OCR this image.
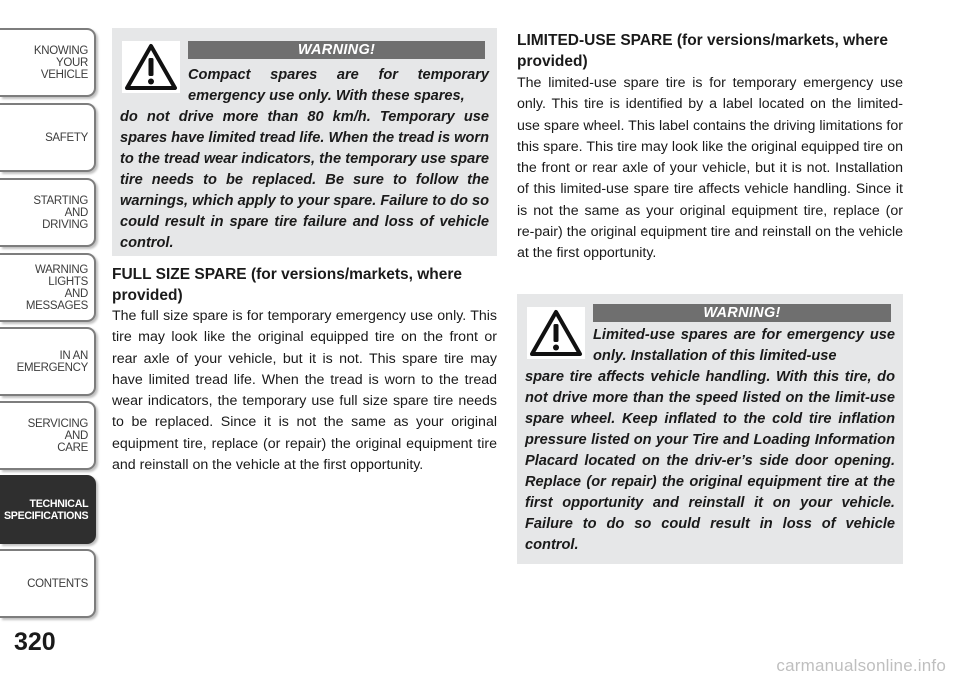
KNOWING
YOUR
VEHICLE
SAFETY
STARTING
AND
DRIVING
WARNING
LIGHTS
AND
MESSAGES
IN AN
EMERGENCY
SERVICING
AND
CARE
TECHNICAL
SPECIFICATIONS
CONTENTS
320
carmanualsonline.info
WARNING!

Compact spares are for temporary emergency use only. With these spares,

do not drive more than 80 km/h. Temporary use spares have limited tread life. When the tread is worn to the tread wear indicators, the temporary use spare tire needs to be replaced. Be sure to follow the warnings, which apply to your spare. Failure to do so could result in spare tire failure and loss of vehicle control.

FULL SIZE SPARE (for versions/markets, where provided)

The full size spare is for temporary emergency use only. This tire may look like the original equipped tire on the front or rear axle of your vehicle, but it is not. This spare tire may have limited tread life. When the tread is worn to the tread wear indicators, the temporary use full size spare tire needs to be replaced. Since it is not the same as your original equipment tire, replace (or repair) the original equipment tire and reinstall on the vehicle at the first opportunity.

LIMITED-USE SPARE (for versions/markets, where provided)

The limited-use spare tire is for temporary emergency use only. This tire is identified by a label located on the limited-use spare wheel. This label contains the driving limitations for this spare. This tire may look like the original equipped tire on the front or rear axle of your vehicle, but it is not. Installation of this limited-use spare tire affects vehicle handling. Since it is not the same as your original equipment tire, replace (or re-pair) the original equipment tire and reinstall on the vehicle at the first opportunity.

WARNING!

Limited-use spares are for emergency use only. Installation of this limited-use

spare tire affects vehicle handling. With this tire, do not drive more than the speed listed on the limit-use spare wheel. Keep inflated to the cold tire inflation pressure listed on your Tire and Loading Information Placard located on the driv-er’s side door opening. Replace (or repair) the original equipment tire at the first opportunity and reinstall it on your vehicle. Failure to do so could result in loss of vehicle control.
